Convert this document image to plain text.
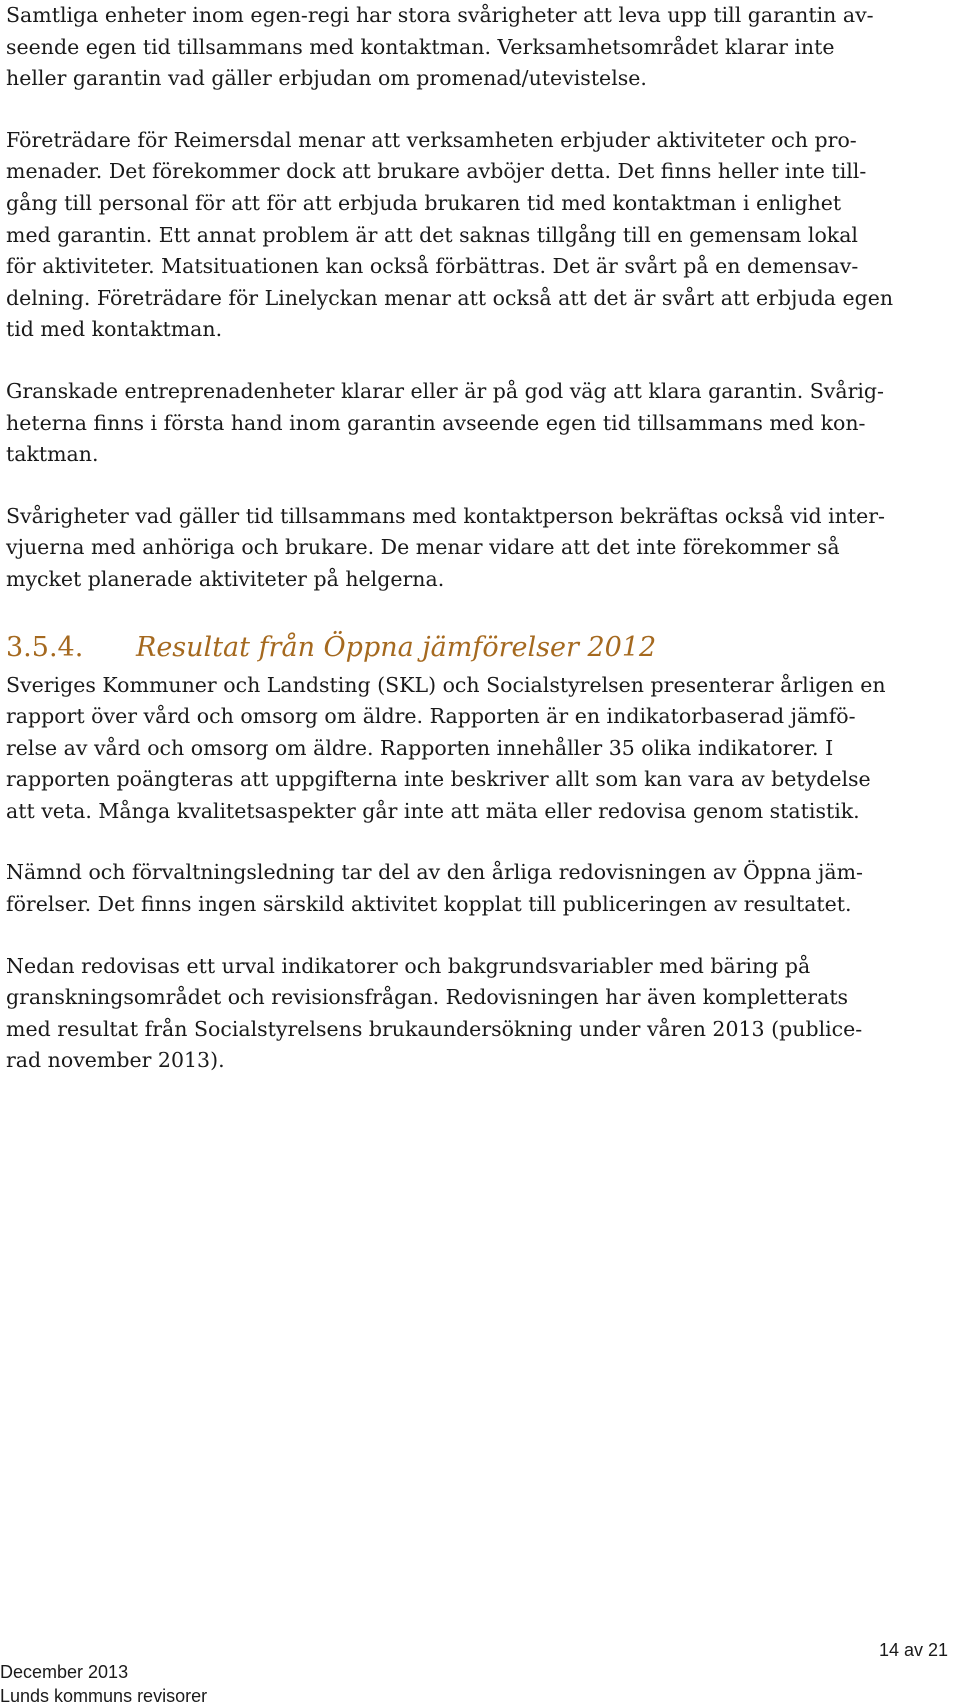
Samtliga enheter inom egen-regi har stora svårigheter att leva upp till garantin av-
seende egen tid tillsammans med kontaktman. Verksamhetsområdet klarar inte
heller garantin vad gäller erbjudan om promenad/utevistelse.

Företrädare för Reimersdal menar att verksamheten erbjuder aktiviteter och pro-
menader. Det förekommer dock att brukare avböjer detta. Det finns heller inte till-
gång till personal för att för att erbjuda brukaren tid med kontaktman i enlighet
med garantin. Ett annat problem är att det saknas tillgång till en gemensam lokal
för aktiviteter. Matsituationen kan också förbättras. Det är svårt på en demensav-
delning. Företrädare för Linelyckan menar att också att det är svårt att erbjuda egen
tid med kontaktman.

Granskade entreprenadenheter klarar eller är på god väg att klara garantin. Svårig-
heterna finns i första hand inom garantin avseende egen tid tillsammans med kon-
taktman.

Svårigheter vad gäller tid tillsammans med kontaktperson bekräftas också vid inter-
vjuerna med anhöriga och brukare. De menar vidare att det inte förekommer så
mycket planerade aktiviteter på helgerna.

3.5.4. Resultat från Öppna jämförelser 2012

Sveriges Kommuner och Landsting (SKL) och Socialstyrelsen presenterar årligen en
rapport över vård och omsorg om äldre. Rapporten är en indikatorbaserad jämfö-
relse av vård och omsorg om äldre. Rapporten innehåller 35 olika indikatorer. I
rapporten poängteras att uppgifterna inte beskriver allt som kan vara av betydelse
att veta. Många kvalitetsaspekter går inte att mäta eller redovisa genom statistik.

Nämnd och förvaltningsledning tar del av den årliga redovisningen av Öppna jäm-
förelser. Det finns ingen särskild aktivitet kopplat till publiceringen av resultatet.

Nedan redovisas ett urval indikatorer och bakgrundsvariabler med bäring på
granskningsområdet och revisionsfrågan. Redovisningen har även kompletterats
med resultat från Socialstyrelsens brukaundersökning under våren 2013 (publice-
rad november 2013).

14 av 21
December 2013
Lunds kommuns revisorer
